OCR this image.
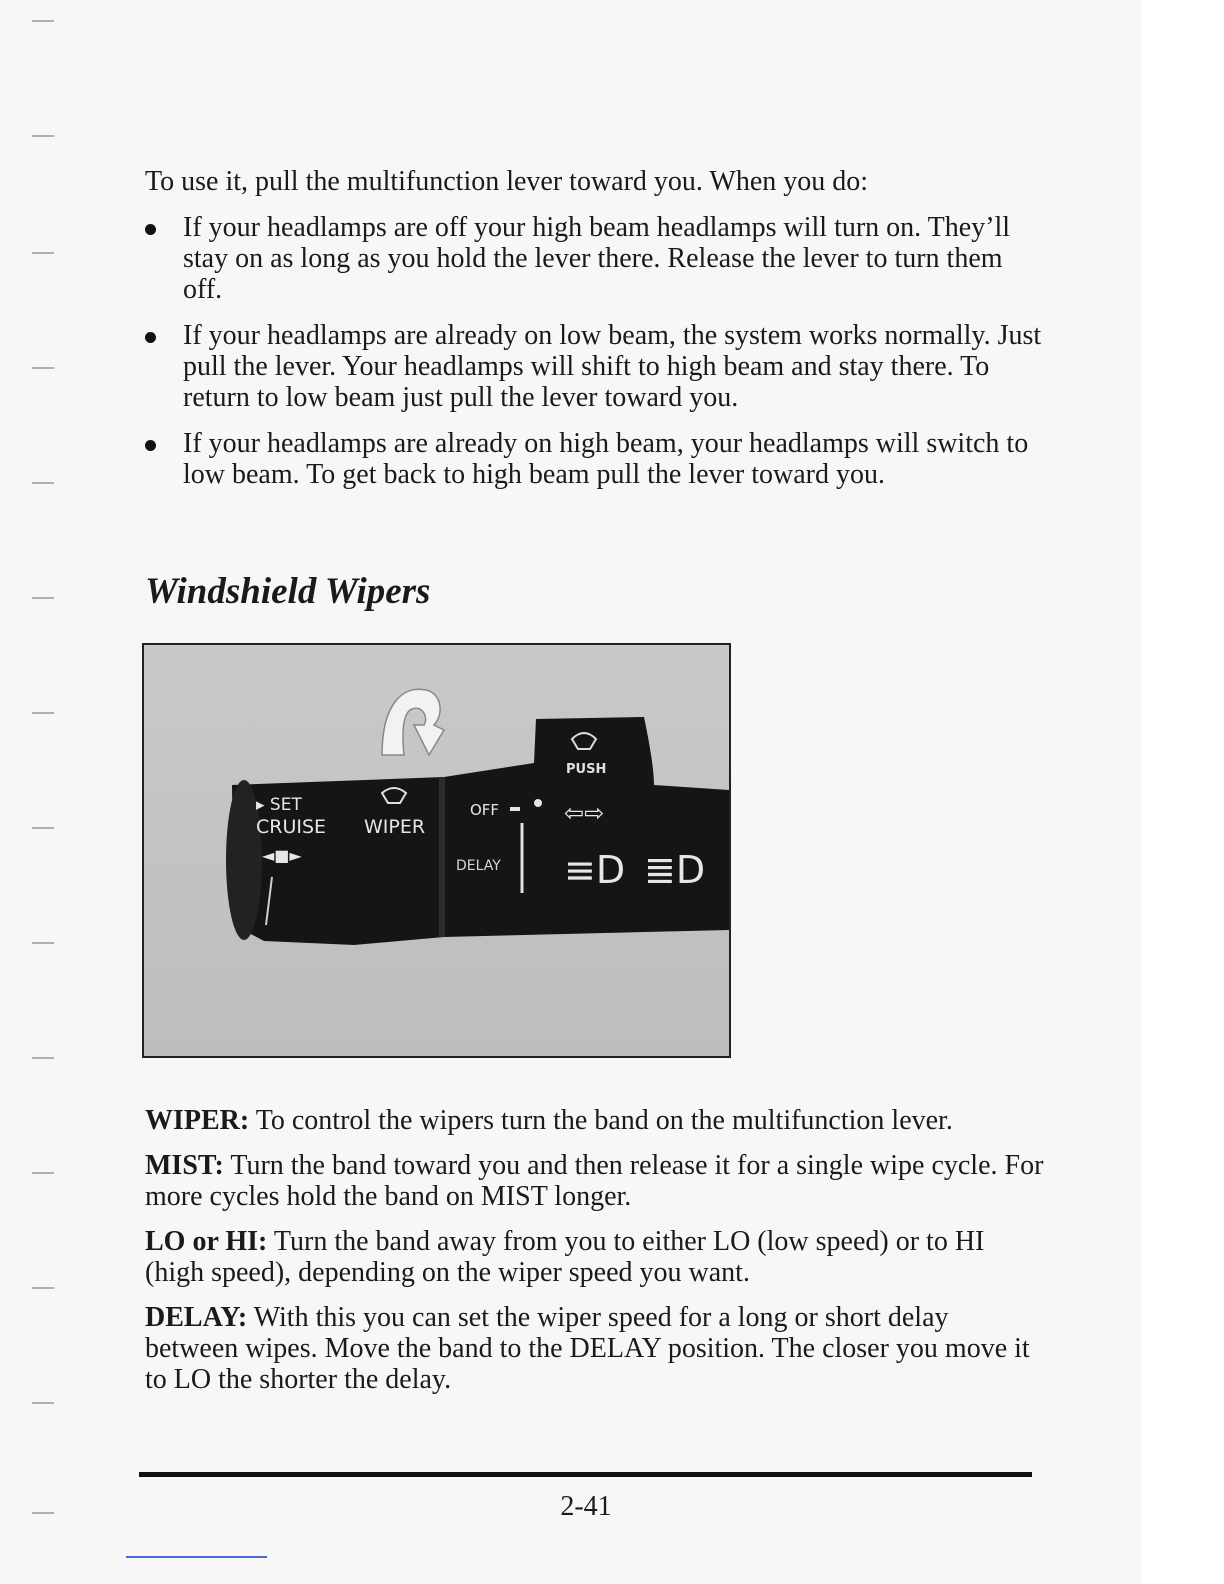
To use it, pull the multifunction lever toward you. When you do:

If your headlamps are off your high beam headlamps will turn on. They’ll stay on as long as you hold the lever there. Release the lever to turn them off.
If your headlamps are already on low beam, the system works normally. Just pull the lever. Your headlamps will shift to high beam and stay there. To return to low beam just pull the lever toward you.
If your headlamps are already on high beam, your headlamps will switch to low beam. To get back to high beam pull the lever toward you.
Windshield Wipers
PUSH
▸ SET
CRUISE
◄■►
WIPER
OFF
DELAY
⇦⇨
≡D ≣D

WIPER: To control the wipers turn the band on the multifunction lever.

MIST: Turn the band toward you and then release it for a single wipe cycle. For more cycles hold the band on MIST longer.

LO or HI: Turn the band away from you to either LO (low speed) or to HI (high speed), depending on the wiper speed you want.

DELAY: With this you can set the wiper speed for a long or short delay between wipes. Move the band to the DELAY position. The closer you move it to LO the shorter the delay.

2-41
